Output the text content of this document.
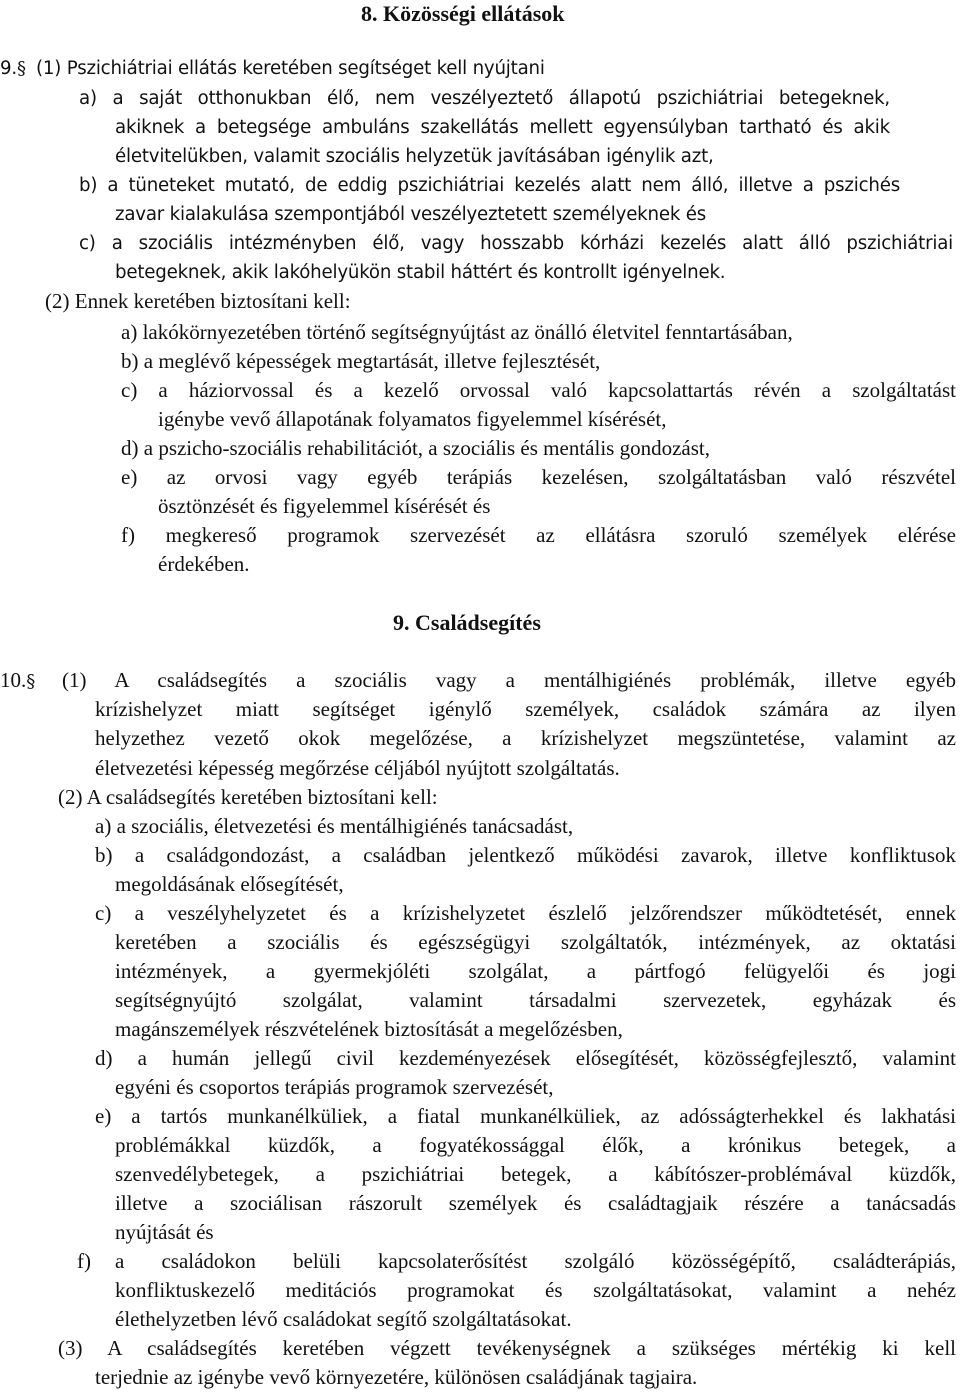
8. Közösségi ellátások
9.§ (1) Pszichiátriai ellátás keretében segítséget kell nyújtani
a) a saját otthonukban élő, nem veszélyeztető állapotú pszichiátriai betegeknek,
akiknek a betegsége ambuláns szakellátás mellett egyensúlyban tartható és akik
életvitelükben, valamit szociális helyzetük javításában igénylik azt,
b) a tüneteket mutató, de eddig pszichiátriai kezelés alatt nem álló, illetve a pszichés
zavar kialakulása szempontjából veszélyeztetett személyeknek és
c) a szociális intézményben élő, vagy hosszabb kórházi kezelés alatt álló pszichiátriai
betegeknek, akik lakóhelyükön stabil háttért és kontrollt igényelnek.
(2) Ennek keretében biztosítani kell:
a) lakókörnyezetében történő segítségnyújtást az önálló életvitel fenntartásában,
b) a meglévő képességek megtartását, illetve fejlesztését,
c) a háziorvossal és a kezelő orvossal való kapcsolattartás révén a szolgáltatást
igénybe vevő állapotának folyamatos figyelemmel kísérését,
d) a pszicho-szociális rehabilitációt, a szociális és mentális gondozást,
e) az orvosi vagy egyéb terápiás kezelésen, szolgáltatásban való részvétel
ösztönzését és figyelemmel kísérését és
f) megkereső programok szervezését az ellátásra szoruló személyek elérése
érdekében.
9. Családsegítés
10.§ (1) A családsegítés a szociális vagy a mentálhigiénés problémák, illetve egyéb
krízishelyzet miatt segítséget igénylő személyek, családok számára az ilyen
helyzethez vezető okok megelőzése, a krízishelyzet megszüntetése, valamint az
életvezetési képesség megőrzése céljából nyújtott szolgáltatás.
(2) A családsegítés keretében biztosítani kell:
a) a szociális, életvezetési és mentálhigiénés tanácsadást,
b) a családgondozást, a családban jelentkező működési zavarok, illetve konfliktusok
megoldásának elősegítését,
c) a veszélyhelyzetet és a krízishelyzetet észlelő jelzőrendszer működtetését, ennek
keretében a szociális és egészségügyi szolgáltatók, intézmények, az oktatási
intézmények, a gyermekjóléti szolgálat, a pártfogó felügyelői és jogi
segítségnyújtó szolgálat, valamint társadalmi szervezetek, egyházak és
magánszemélyek részvételének biztosítását a megelőzésben,
d) a humán jellegű civil kezdeményezések elősegítését, közösségfejlesztő, valamint
egyéni és csoportos terápiás programok szervezését,
e) a tartós munkanélküliek, a fiatal munkanélküliek, az adósságterhekkel és lakhatási
problémákkal küzdők, a fogyatékossággal élők, a krónikus betegek, a
szenvedélybetegek, a pszichiátriai betegek, a kábítószer-problémával küzdők,
illetve a szociálisan rászorult személyek és családtagjaik részére a tanácsadás
nyújtását és
f) a családokon belüli kapcsolaterősítést szolgáló közösségépítő, családterápiás,
konfliktuskezelő meditációs programokat és szolgáltatásokat, valamint a nehéz
élethelyzetben lévő családokat segítő szolgáltatásokat.
(3) A családsegítés keretében végzett tevékenységnek a szükséges mértékig ki kell
terjednie az igénybe vevő környezetére, különösen családjának tagjaira.
